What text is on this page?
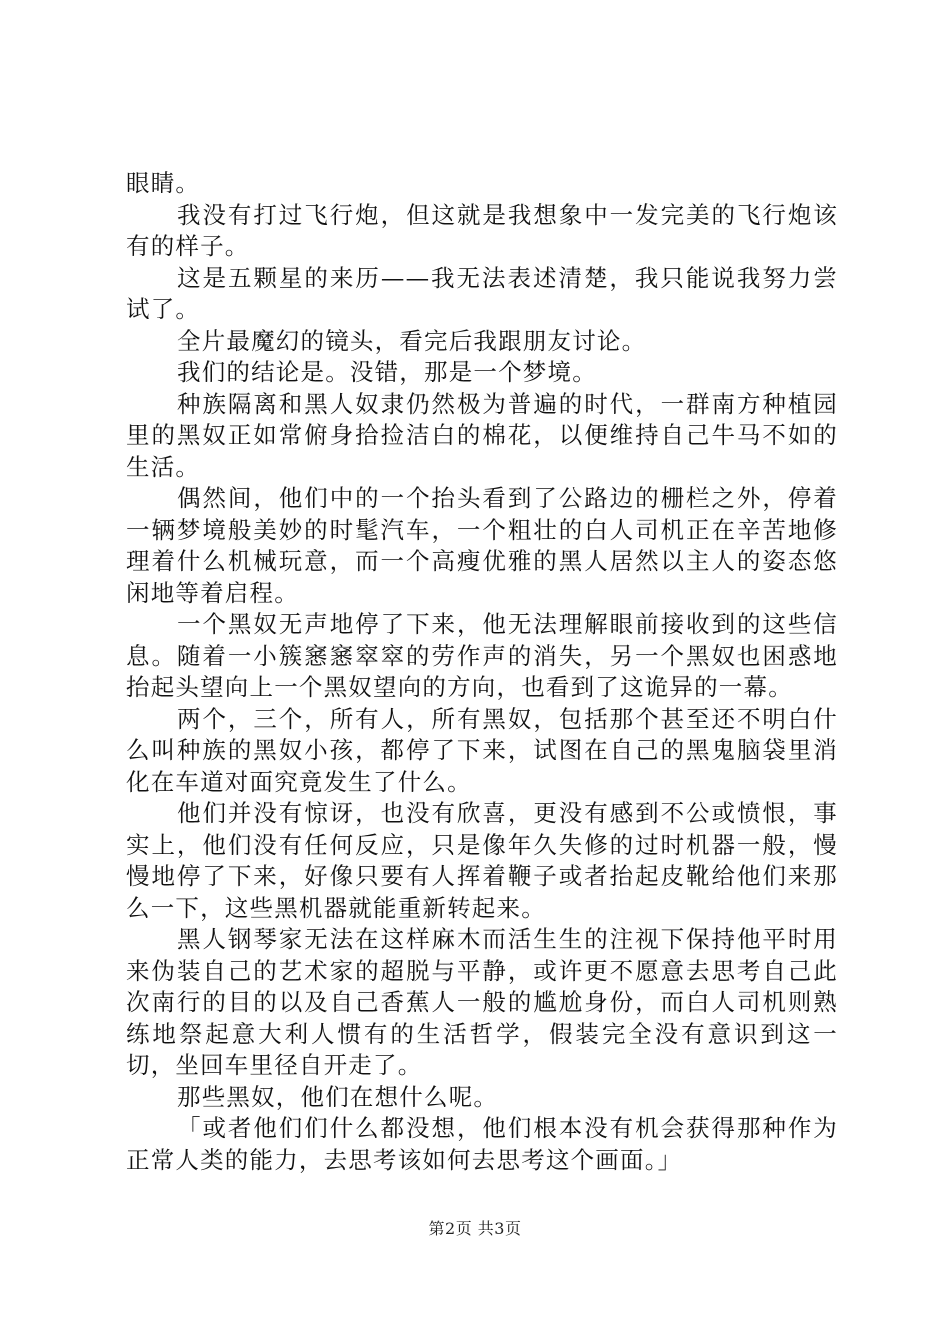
眼睛。

我没有打过飞行炮，但这就是我想象中一发完美的飞行炮该有的样子。

这是五颗星的来历——我无法表述清楚，我只能说我努力尝试了。

全片最魔幻的镜头，看完后我跟朋友讨论。

我们的结论是。没错，那是一个梦境。

种族隔离和黑人奴隶仍然极为普遍的时代，一群南方种植园里的黑奴正如常俯身拾捡洁白的棉花，以便维持自己牛马不如的生活。

偶然间，他们中的一个抬头看到了公路边的栅栏之外，停着一辆梦境般美妙的时髦汽车，一个粗壮的白人司机正在辛苦地修理着什么机械玩意，而一个高瘦优雅的黑人居然以主人的姿态悠闲地等着启程。

一个黑奴无声地停了下来，他无法理解眼前接收到的这些信息。随着一小簇窸窸窣窣的劳作声的消失，另一个黑奴也困惑地抬起头望向上一个黑奴望向的方向，也看到了这诡异的一幕。

两个，三个，所有人，所有黑奴，包括那个甚至还不明白什么叫种族的黑奴小孩，都停了下来，试图在自己的黑鬼脑袋里消化在车道对面究竟发生了什么。

他们并没有惊讶，也没有欣喜，更没有感到不公或愤恨，事实上，他们没有任何反应，只是像年久失修的过时机器一般，慢慢地停了下来，好像只要有人挥着鞭子或者抬起皮靴给他们来那么一下，这些黑机器就能重新转起来。

黑人钢琴家无法在这样麻木而活生生的注视下保持他平时用来伪装自己的艺术家的超脱与平静，或许更不愿意去思考自己此次南行的目的以及自己香蕉人一般的尴尬身份，而白人司机则熟练地祭起意大利人惯有的生活哲学，假装完全没有意识到这一切，坐回车里径自开走了。

那些黑奴，他们在想什么呢。

「或者他们们什么都没想，他们根本没有机会获得那种作为正常人类的能力，去思考该如何去思考这个画面。」

第2页 共3页
